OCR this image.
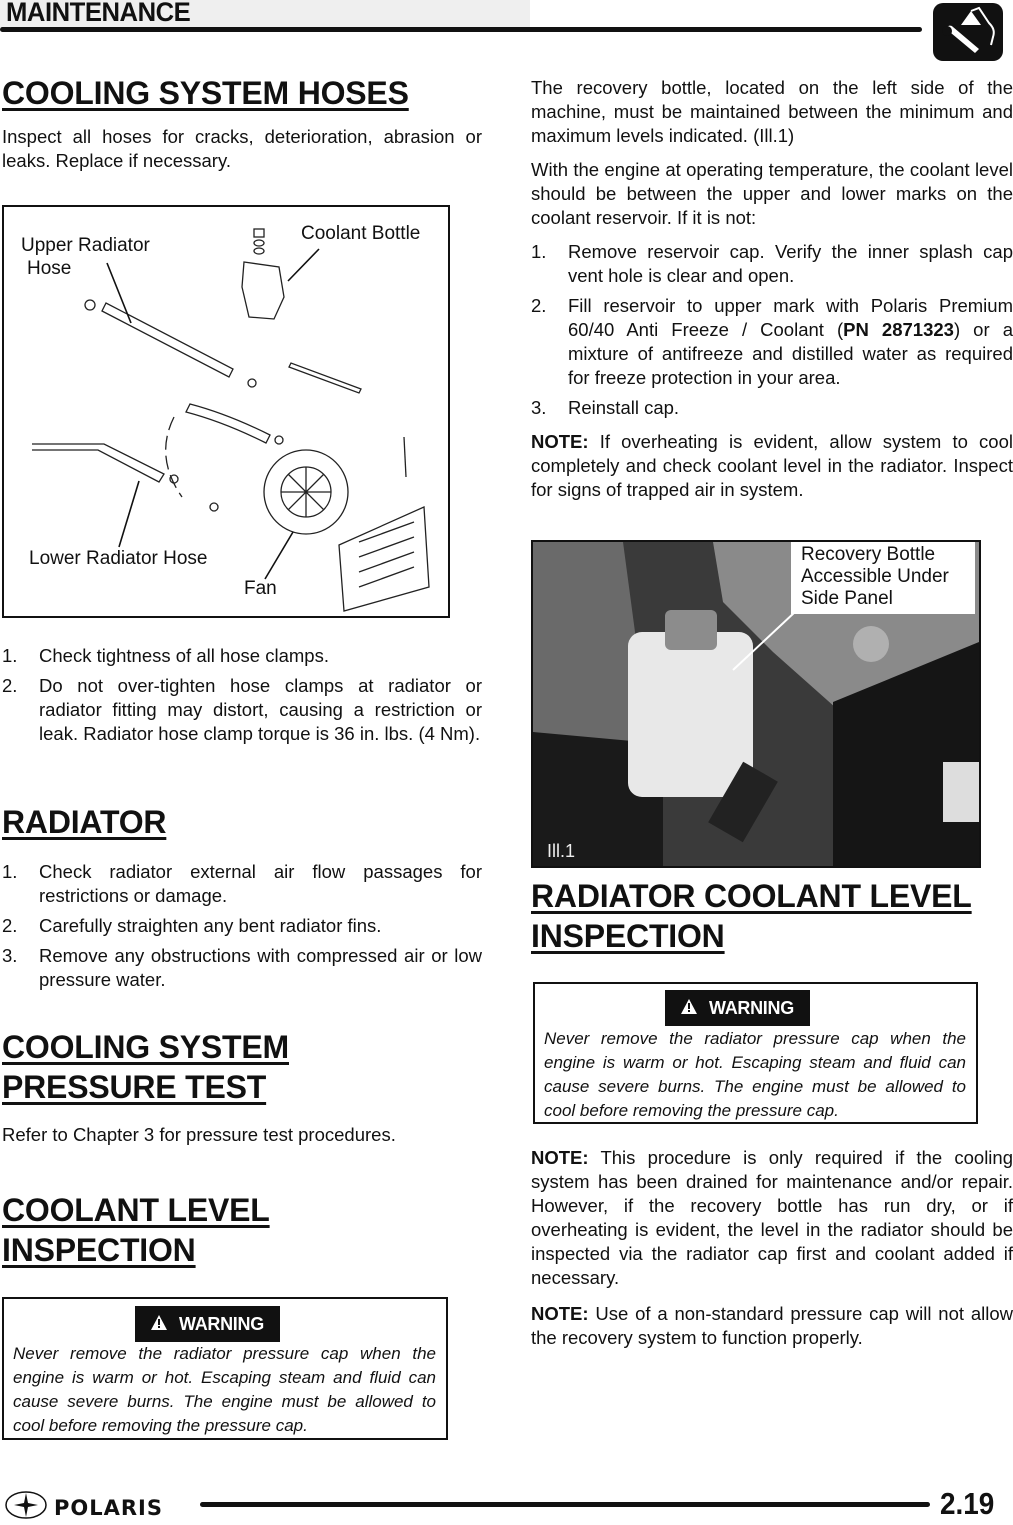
MAINTENANCE
COOLING SYSTEM HOSES

Inspect all hoses for cracks, deterioration, abrasion or leaks. Replace if necessary.

Upper Radiator
Hose
Coolant Bottle
Lower Radiator Hose
Fan
1. Check tightness of all hose clamps.
2. Do not over-tighten hose clamps at radiator or radiator fitting may distort, causing a restriction or leak. Radiator hose clamp torque is 36 in. lbs. (4 Nm).
RADIATOR
1. Check radiator external air flow passages for restrictions or damage.
2. Carefully straighten any bent radiator fins.
3. Remove any obstructions with compressed air or low pressure water.
COOLING SYSTEM
PRESSURE TEST

Refer to Chapter 3 for pressure test procedures.

COOLANT LEVEL
INSPECTION
WARNING
Never remove the radiator pressure cap when the engine is warm or hot. Escaping steam and fluid can cause severe burns. The engine must be allowed to cool before removing the pressure cap.

The recovery bottle, located on the left side of the machine, must be maintained between the minimum and maximum levels indicated. (Ill.1)

With the engine at operating temperature, the coolant level should be between the upper and lower marks on the coolant reservoir. If it is not:

1. Remove reservoir cap. Verify the inner splash cap vent hole is clear and open.
2. Fill reservoir to upper mark with Polaris Premium 60/40 Anti Freeze / Coolant (PN 2871323) or a mixture of antifreeze and distilled water as required for freeze protection in your area.
3. Reinstall cap.

NOTE: If overheating is evident, allow system to cool completely and check coolant level in the radiator. Inspect for signs of trapped air in system.

Recovery Bottle
Accessible Under
Side Panel
Ill.1
RADIATOR COOLANT LEVEL
INSPECTION
WARNING
Never remove the radiator pressure cap when the engine is warm or hot. Escaping steam and fluid can cause severe burns. The engine must be allowed to cool before removing the pressure cap.

NOTE: This procedure is only required if the cooling system has been drained for maintenance and/or repair. However, if the recovery bottle has run dry, or if overheating is evident, the level in the radiator should be inspected via the radiator cap first and coolant added if necessary.

NOTE: Use of a non-standard pressure cap will not allow the recovery system to function properly.

POLARIS	2.19
